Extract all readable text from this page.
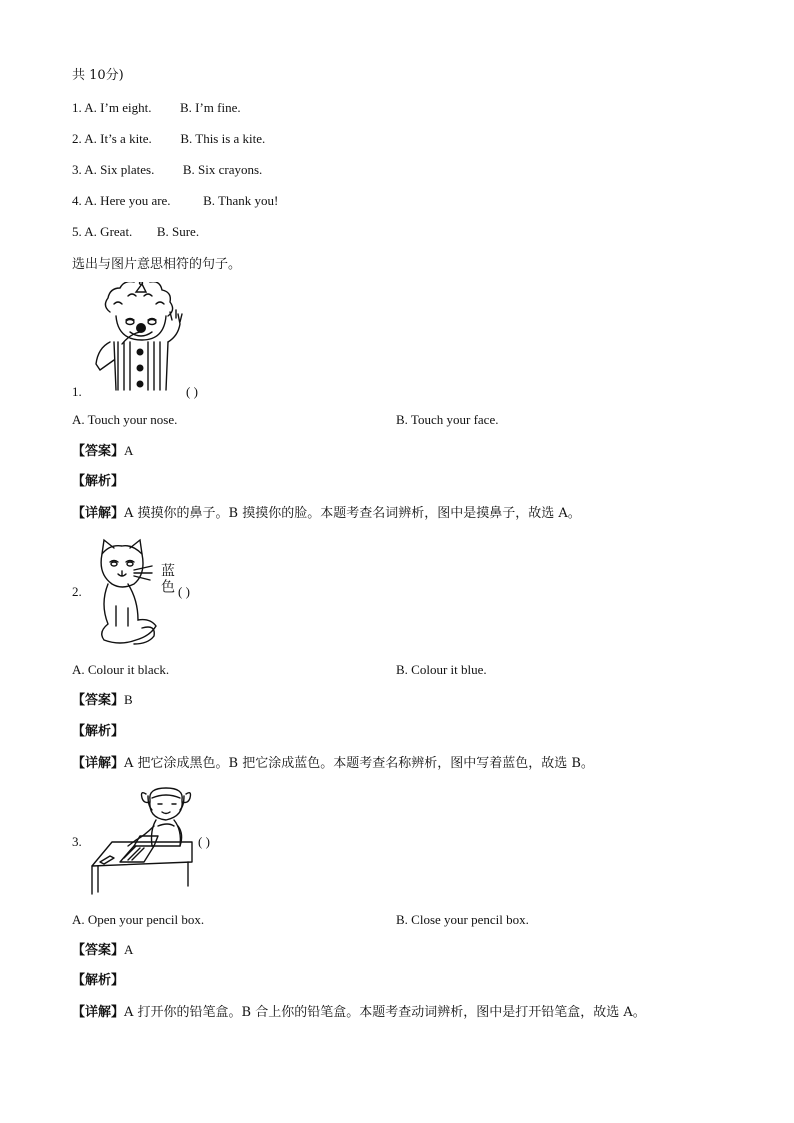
共 10分)
1. A. I’m eight. B. I’m fine.
2. A. It’s a kite. B. This is a kite.
3. A. Six plates. B. Six crayons.
4. A. Here you are.	B. Thank you!
5. A. Great. B. Sure.
选出与图片意思相符的句子。
1.	( )
A. Touch your nose.	B. Touch your face.
【答案】A
【解析】
【详解】A 摸摸你的鼻子。B 摸摸你的脸。本题考查名词辨析，图中是摸鼻子，故选 A。
蓝色
2.	( )
A. Colour it black.	B. Colour it blue.
【答案】B
【解析】
【详解】A 把它涂成黑色。B 把它涂成蓝色。本题考查名称辨析，图中写着蓝色，故选 B。
3.	( )
A. Open your pencil box.	B. Close your pencil box.
【答案】A
【解析】
【详解】A 打开你的铅笔盒。B 合上你的铅笔盒。本题考查动词辨析，图中是打开铅笔盒，故选 A。
